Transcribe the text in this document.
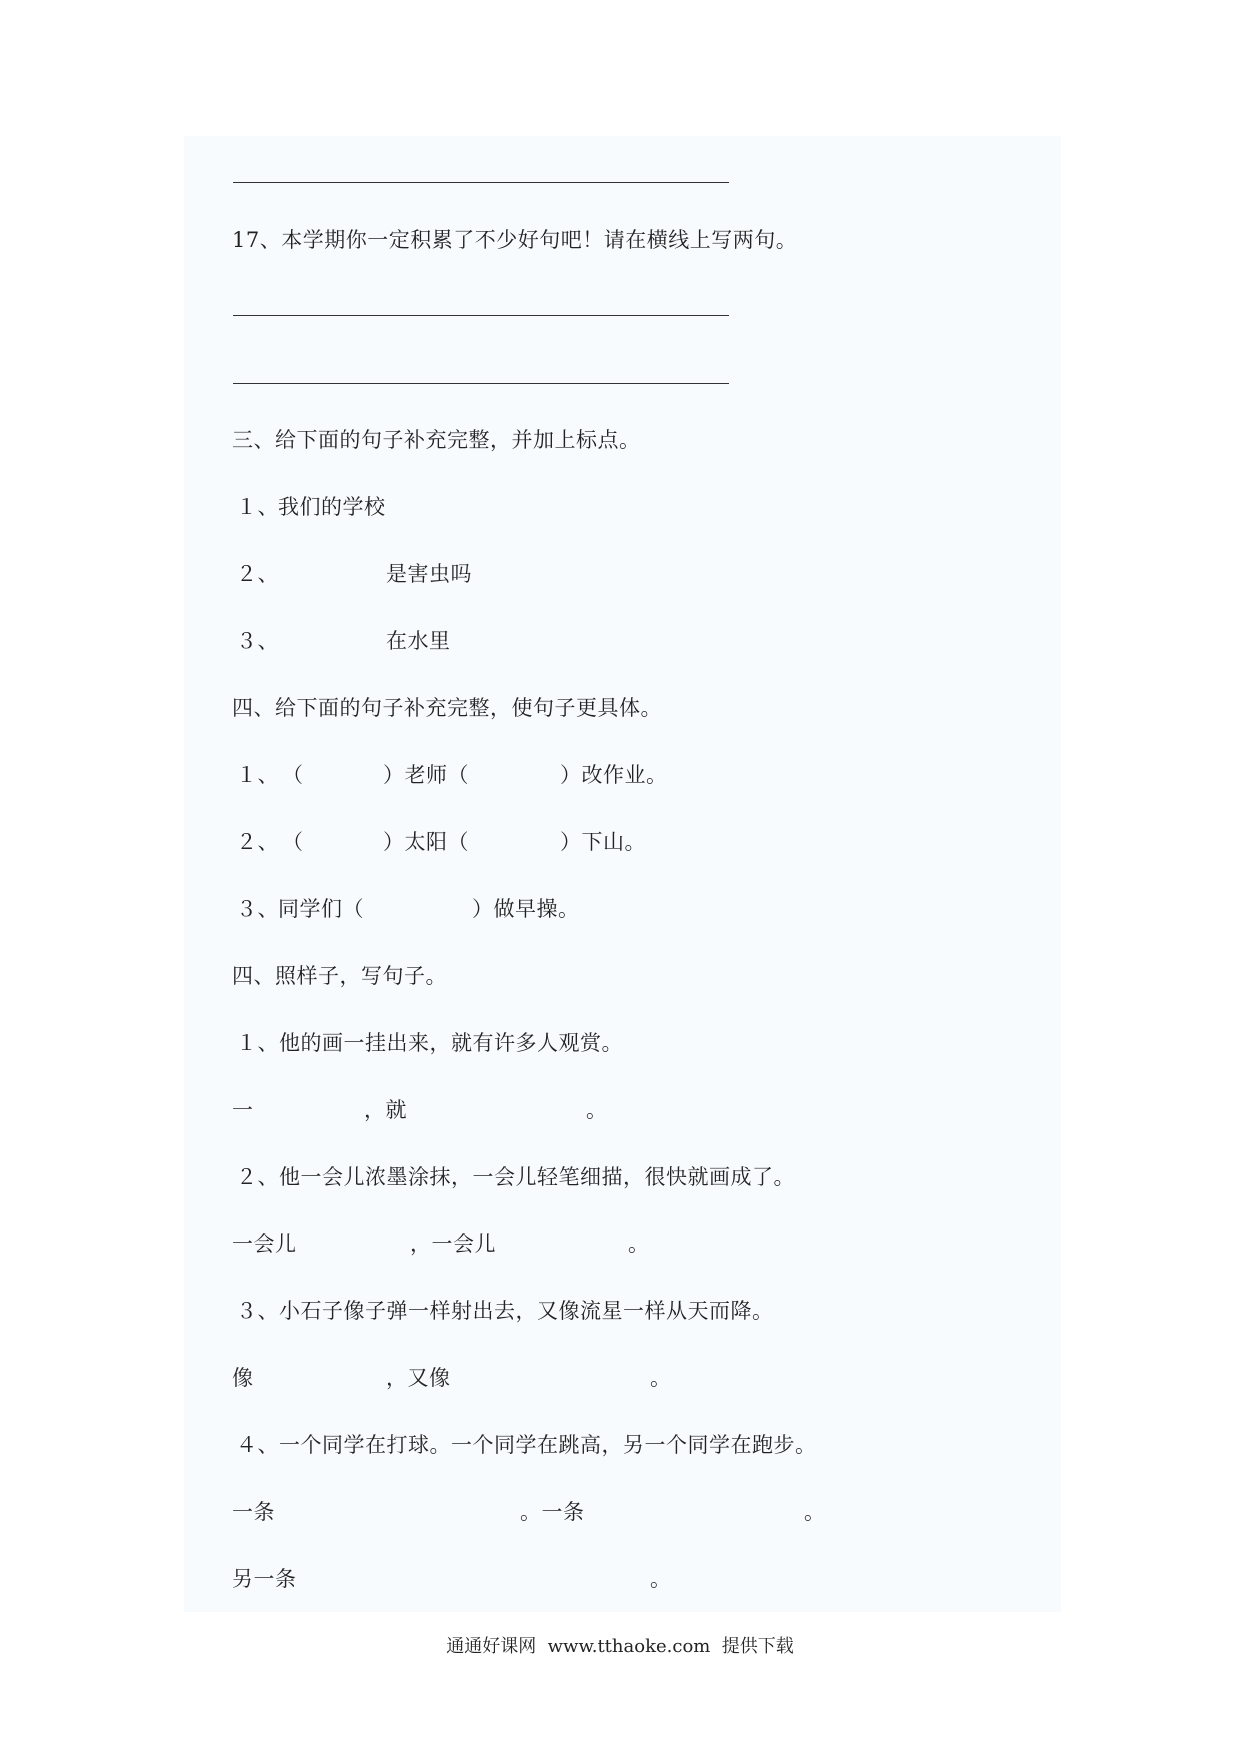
17、本学期你一定积累了不少好句吧！请在横线上写两句。
三、给下面的句子补充完整，并加上标点。
１、 我们的学校
２、	是害虫吗
３、	在水里
四、给下面的句子补充完整，使句子更具体。
１、 （	）老师（	）改作业。
２、 （	）太阳（	）下山。
３、 同学们（	）做早操。
四、照样子，写句子。
１、他的画一挂出来，就有许多人观赏。
一	，就	。
２、他一会儿浓墨涂抹，一会儿轻笔细描，很快就画成了。
一会儿	，一会儿	。
３、小石子像子弹一样射出去，又像流星一样从天而降。
像	，又像	。
４、一个同学在打球。一个同学在跳高，另一个同学在跑步。
一条	。一条	。
另一条	。
通通好课网  www.tthaoke.com  提供下载
